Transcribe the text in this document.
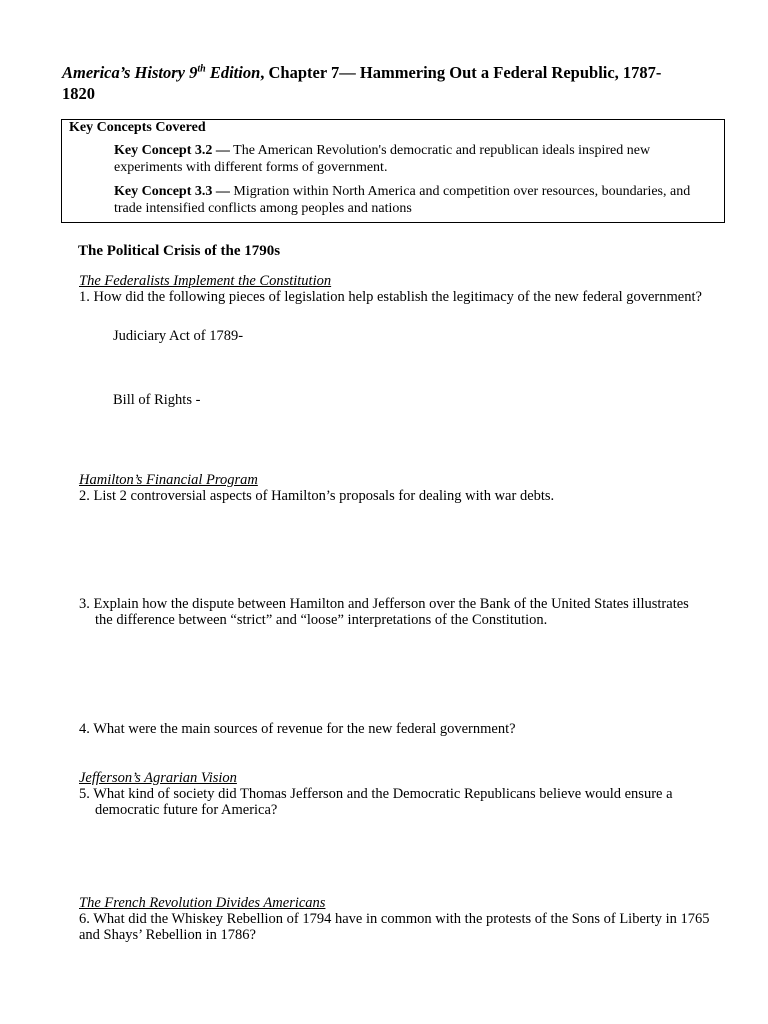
America’s History 9th Edition, Chapter 7— Hammering Out a Federal Republic, 1787-
1820
Key Concepts Covered
Key Concept 3.2 — The American Revolution's democratic and republican ideals inspired new experiments with different forms of government.
Key Concept 3.3 — Migration within North America and competition over resources, boundaries, and trade intensified conflicts among peoples and nations
The Political Crisis of the 1790s
The Federalists Implement the Constitution
1. How did the following pieces of legislation help establish the legitimacy of the new federal government?
Judiciary Act of 1789-
Bill of Rights -
Hamilton’s Financial Program
2. List 2 controversial aspects of Hamilton’s proposals for dealing with war debts.
3. Explain how the dispute between Hamilton and Jefferson over the Bank of the United States illustrates the difference between “strict” and “loose” interpretations of the Constitution.
4. What were the main sources of revenue for the new federal government?
Jefferson’s Agrarian Vision
5. What kind of society did Thomas Jefferson and the Democratic Republicans believe would ensure a democratic future for America?
The French Revolution Divides Americans
6. What did the Whiskey Rebellion of 1794 have in common with the protests of the Sons of Liberty in 1765 and Shays’ Rebellion in 1786?
